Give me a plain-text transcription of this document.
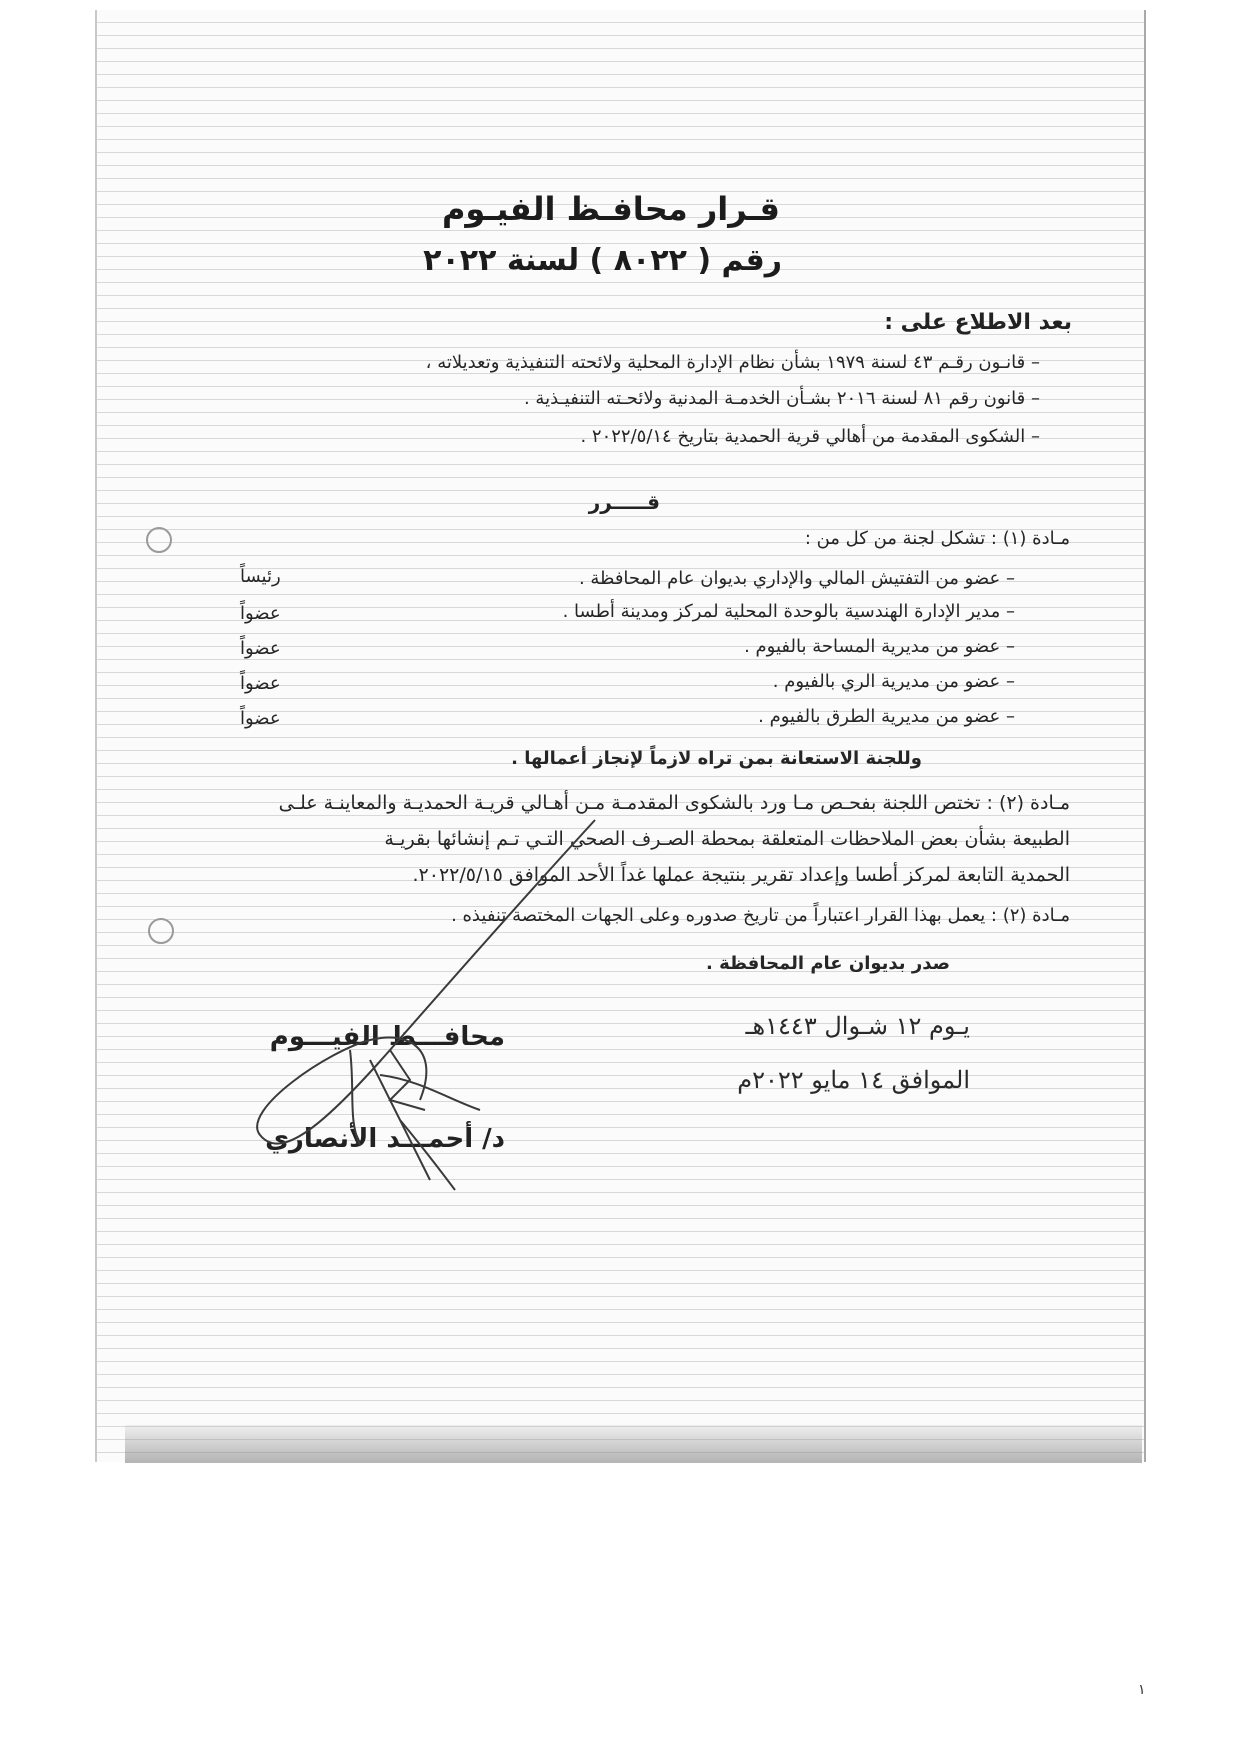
قـرار محافـظ الفيـوم
رقم ( ٨٠٢٢ ) لسنة ٢٠٢٢
بعد الاطلاع على :
– قانـون رقـم ٤٣ لسنة ١٩٧٩ بشأن نظام الإدارة المحلية ولائحته التنفيذية وتعديلاته ،
– قانون رقم ٨١ لسنة ٢٠١٦ بشـأن الخدمـة المدنية ولائحـته التنفيـذية .
– الشكوى المقدمة من أهالي قرية الحمدية بتاريخ ٢٠٢٢/٥/١٤ .
قـــــرر
مـادة (١) : تشكل لجنة من كل من :
– عضو من التفتيش المالي والإداري بديوان عام المحافظة .
رئيساً
– مدير الإدارة الهندسية بالوحدة المحلية لمركز ومدينة أطسا .
عضواً
– عضو من مديرية المساحة بالفيوم .
عضواً
– عضو من مديرية الري بالفيوم .
عضواً
– عضو من مديرية الطرق بالفيوم .
عضواً
وللجنة الاستعانة بمن تراه لازماً لإنجاز أعمالها .
مـادة (٢) : تختص اللجنة بفحـص مـا ورد بالشكوى المقدمـة مـن أهـالي قريـة الحمديـة والمعاينـة علـى
الطبيعة بشأن بعض الملاحظات المتعلقة بمحطة الصـرف الصحي التـي تـم إنشائها بقريـة
الحمدية التابعة لمركز أطسا وإعداد تقرير بنتيجة عملها غداً الأحد الموافق ٢٠٢٢/٥/١٥.
مـادة (٢) : يعمل بهذا القرار اعتباراً من تاريخ صدوره وعلى الجهات المختصة تنفيذه .
صدر بديوان عام المحافظة .
يـوم ١٢ شـوال ١٤٤٣هـ
الموافق ١٤ مايو ٢٠٢٢م
محافـــظ الفيـــوم
د/ أحمـــد الأنصاري
١
